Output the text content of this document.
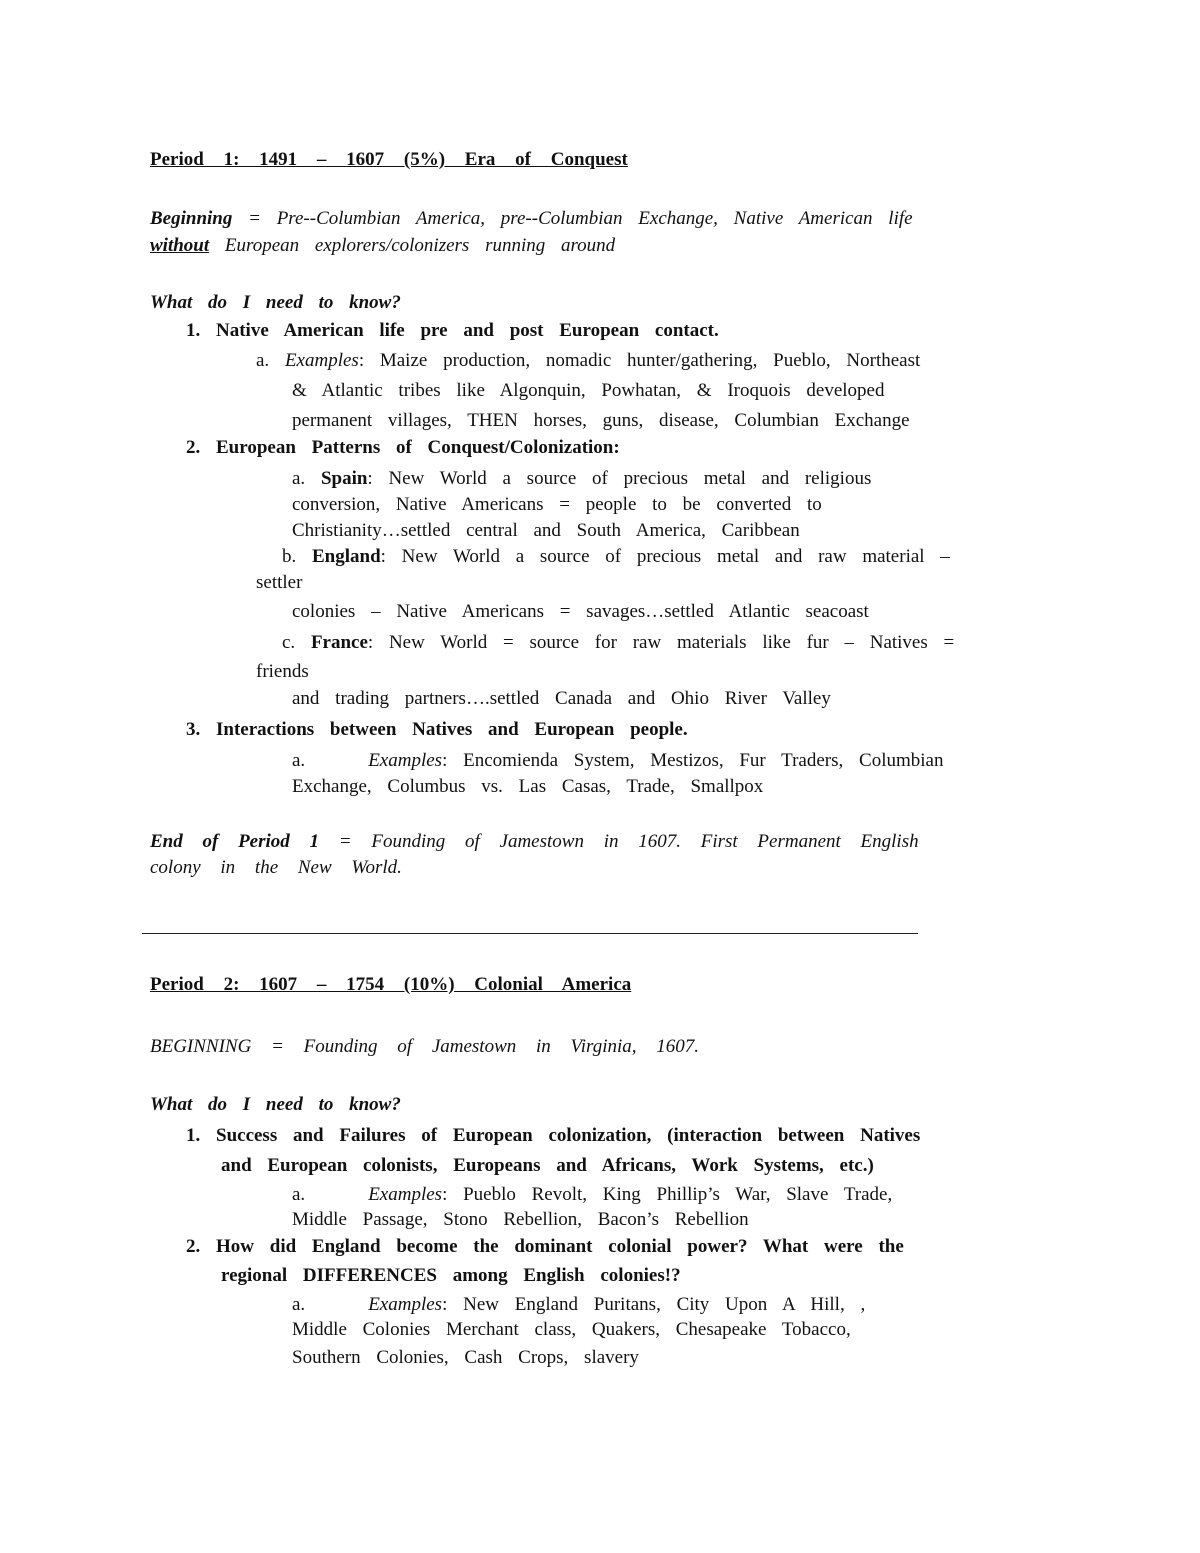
Period 1: 1491 – 1607 (5%) Era of Conquest
Beginning = Pre--Columbian America, pre--Columbian Exchange, Native American life
without European explorers/colonizers running around
What do I need to know?
1. Native American life pre and post European contact.
a. Examples: Maize production, nomadic hunter/gathering, Pueblo, Northeast
& Atlantic tribes like Algonquin, Powhatan, & Iroquois developed
permanent villages, THEN horses, guns, disease, Columbian Exchange
2. European Patterns of Conquest/Colonization:
a. Spain: New World a source of precious metal and religious
conversion, Native Americans = people to be converted to
Christianity…settled central and South America, Caribbean
b. England: New World a source of precious metal and raw material –
settler
colonies – Native Americans = savages…settled Atlantic seacoast
c. France: New World = source for raw materials like fur – Natives =
friends
and trading partners….settled Canada and Ohio River Valley
3. Interactions between Natives and European people.
a.	Examples: Encomienda System, Mestizos, Fur Traders, Columbian
Exchange, Columbus vs. Las Casas, Trade, Smallpox
End of Period 1 = Founding of Jamestown in 1607. First Permanent English
colony in the New World.
Period 2: 1607 – 1754 (10%) Colonial America
BEGINNING = Founding of Jamestown in Virginia, 1607.
What do I need to know?
1. Success and Failures of European colonization, (interaction between Natives
and European colonists, Europeans and Africans, Work Systems, etc.)
a.	Examples: Pueblo Revolt, King Phillip’s War, Slave Trade,
Middle Passage, Stono Rebellion, Bacon’s Rebellion
2. How did England become the dominant colonial power? What were the
regional DIFFERENCES among English colonies!?
a.	Examples: New England Puritans, City Upon A Hill, ,
Middle Colonies Merchant class, Quakers, Chesapeake Tobacco,
Southern Colonies, Cash Crops, slavery
